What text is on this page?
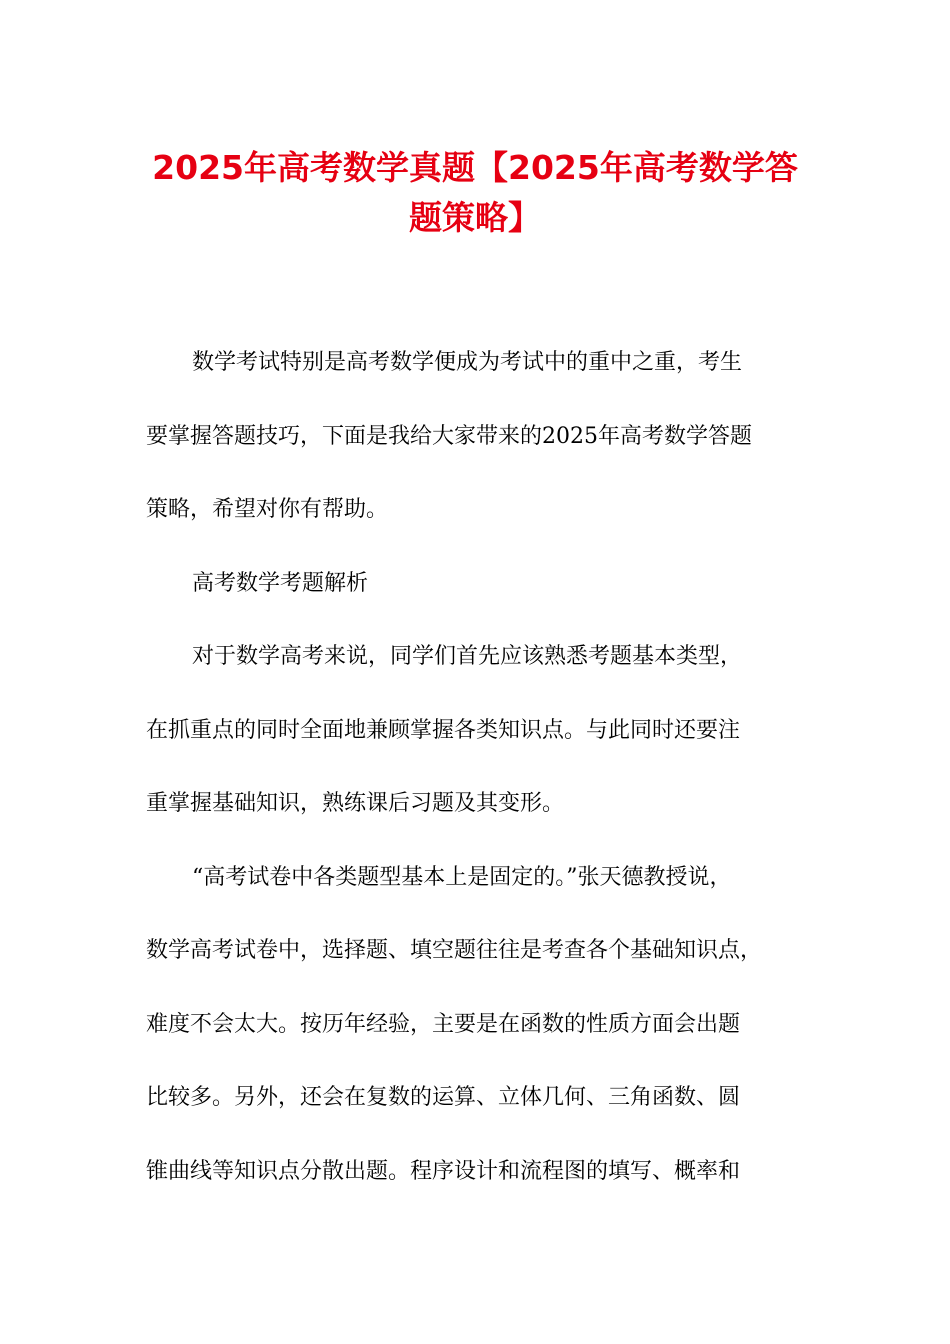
2025年高考数学真题【2025年高考数学答
题策略】
数学考试特别是高考数学便成为考试中的重中之重，考生
要掌握答题技巧，下面是我给大家带来的2025年高考数学答题
策略，希望对你有帮助。
高考数学考题解析
对于数学高考来说，同学们首先应该熟悉考题基本类型，
在抓重点的同时全面地兼顾掌握各类知识点。与此同时还要注
重掌握基础知识，熟练课后习题及其变形。
“高考试卷中各类题型基本上是固定的。”张天德教授说，
数学高考试卷中，选择题、填空题往往是考查各个基础知识点，
难度不会太大。按历年经验，主要是在函数的性质方面会出题
比较多。另外，还会在复数的运算、立体几何、三角函数、圆
锥曲线等知识点分散出题。程序设计和流程图的填写、概率和
